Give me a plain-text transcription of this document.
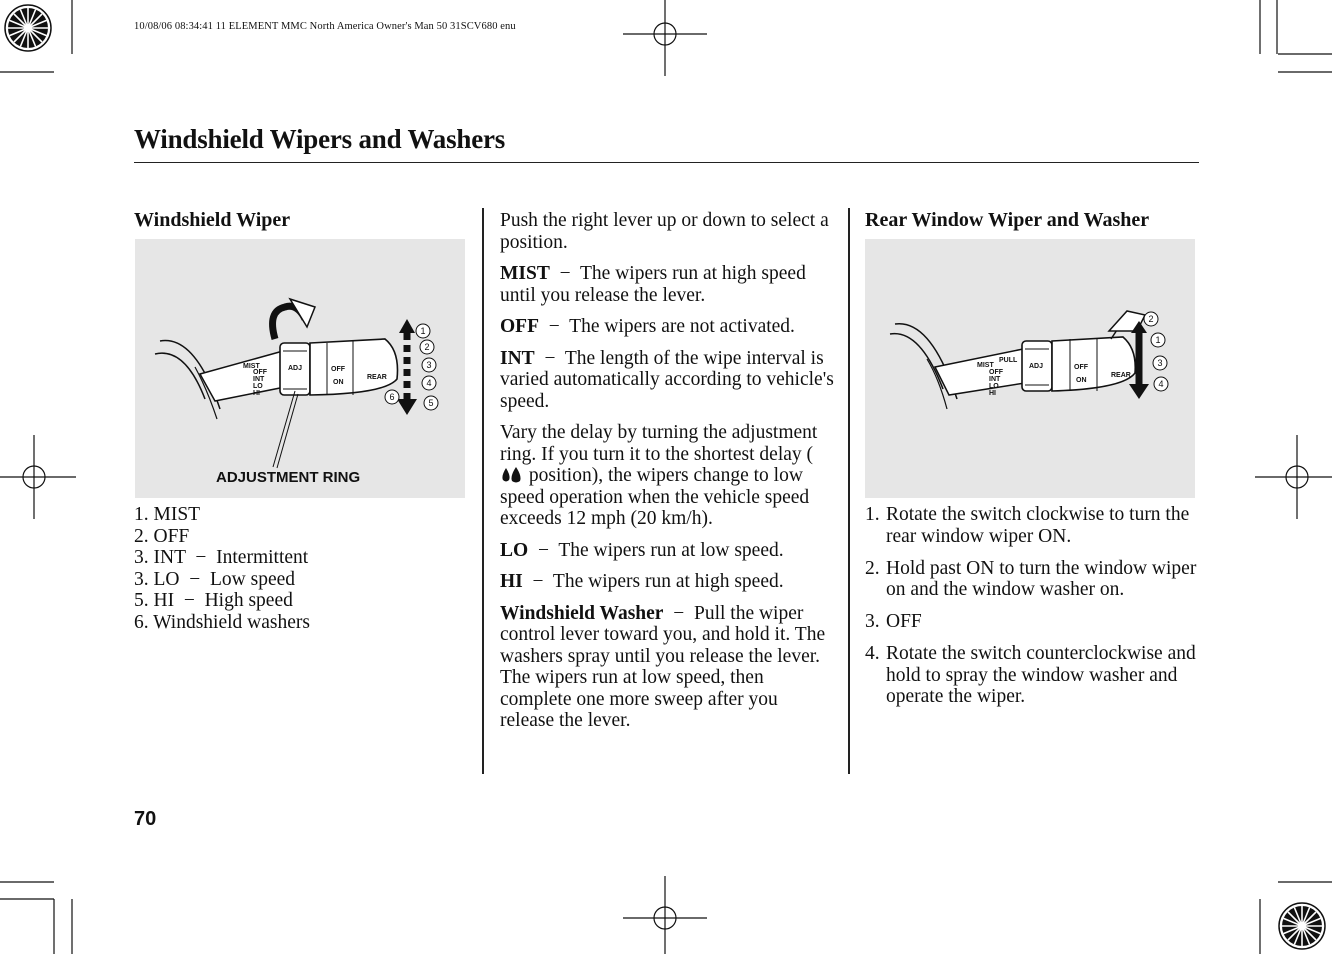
10/08/06 08:34:41 11 ELEMENT MMC North America Owner's Man 50 31SCV680 enu
Windshield Wipers and Washers
Windshield Wiper
MIST
OFF
INT
LO
HI
ADJ	OFF
ON
REAR
1
2
3
4
5
6
ADJUSTMENT RING
1. MIST
2. OFF
3. INT  −  Intermittent
3. LO  −  Low speed
5. HI  −  High speed
6. Windshield washers

Push the right lever up or down to select a position.

MIST − The wipers run at high speed until you release the lever.

OFF − The wipers are not activated.

INT − The length of the wipe interval is varied automatically according to vehicle's speed.

Vary the delay by turning the adjustment ring. If you turn it to the shortest delay (  position), the wipers change to low speed operation when the vehicle speed exceeds 12 mph (20 km/h).

LO − The wipers run at low speed.

HI − The wipers run at high speed.

Windshield Washer − Pull the wiper control lever toward you, and hold it. The washers spray until you release the lever. The wipers run at low speed, then complete one more sweep after you release the lever.

Rear Window Wiper and Washer
MIST
PULL
OFF
INT
LO
HI
ADJ	OFF
ON
REAR
2
1
3
4
1. Rotate the switch clockwise to turn the rear window wiper ON.
2. Hold past ON to turn the window wiper on and the window washer on.
3. OFF
4. Rotate the switch counterclockwise and hold to spray the window washer and operate the wiper.
70
